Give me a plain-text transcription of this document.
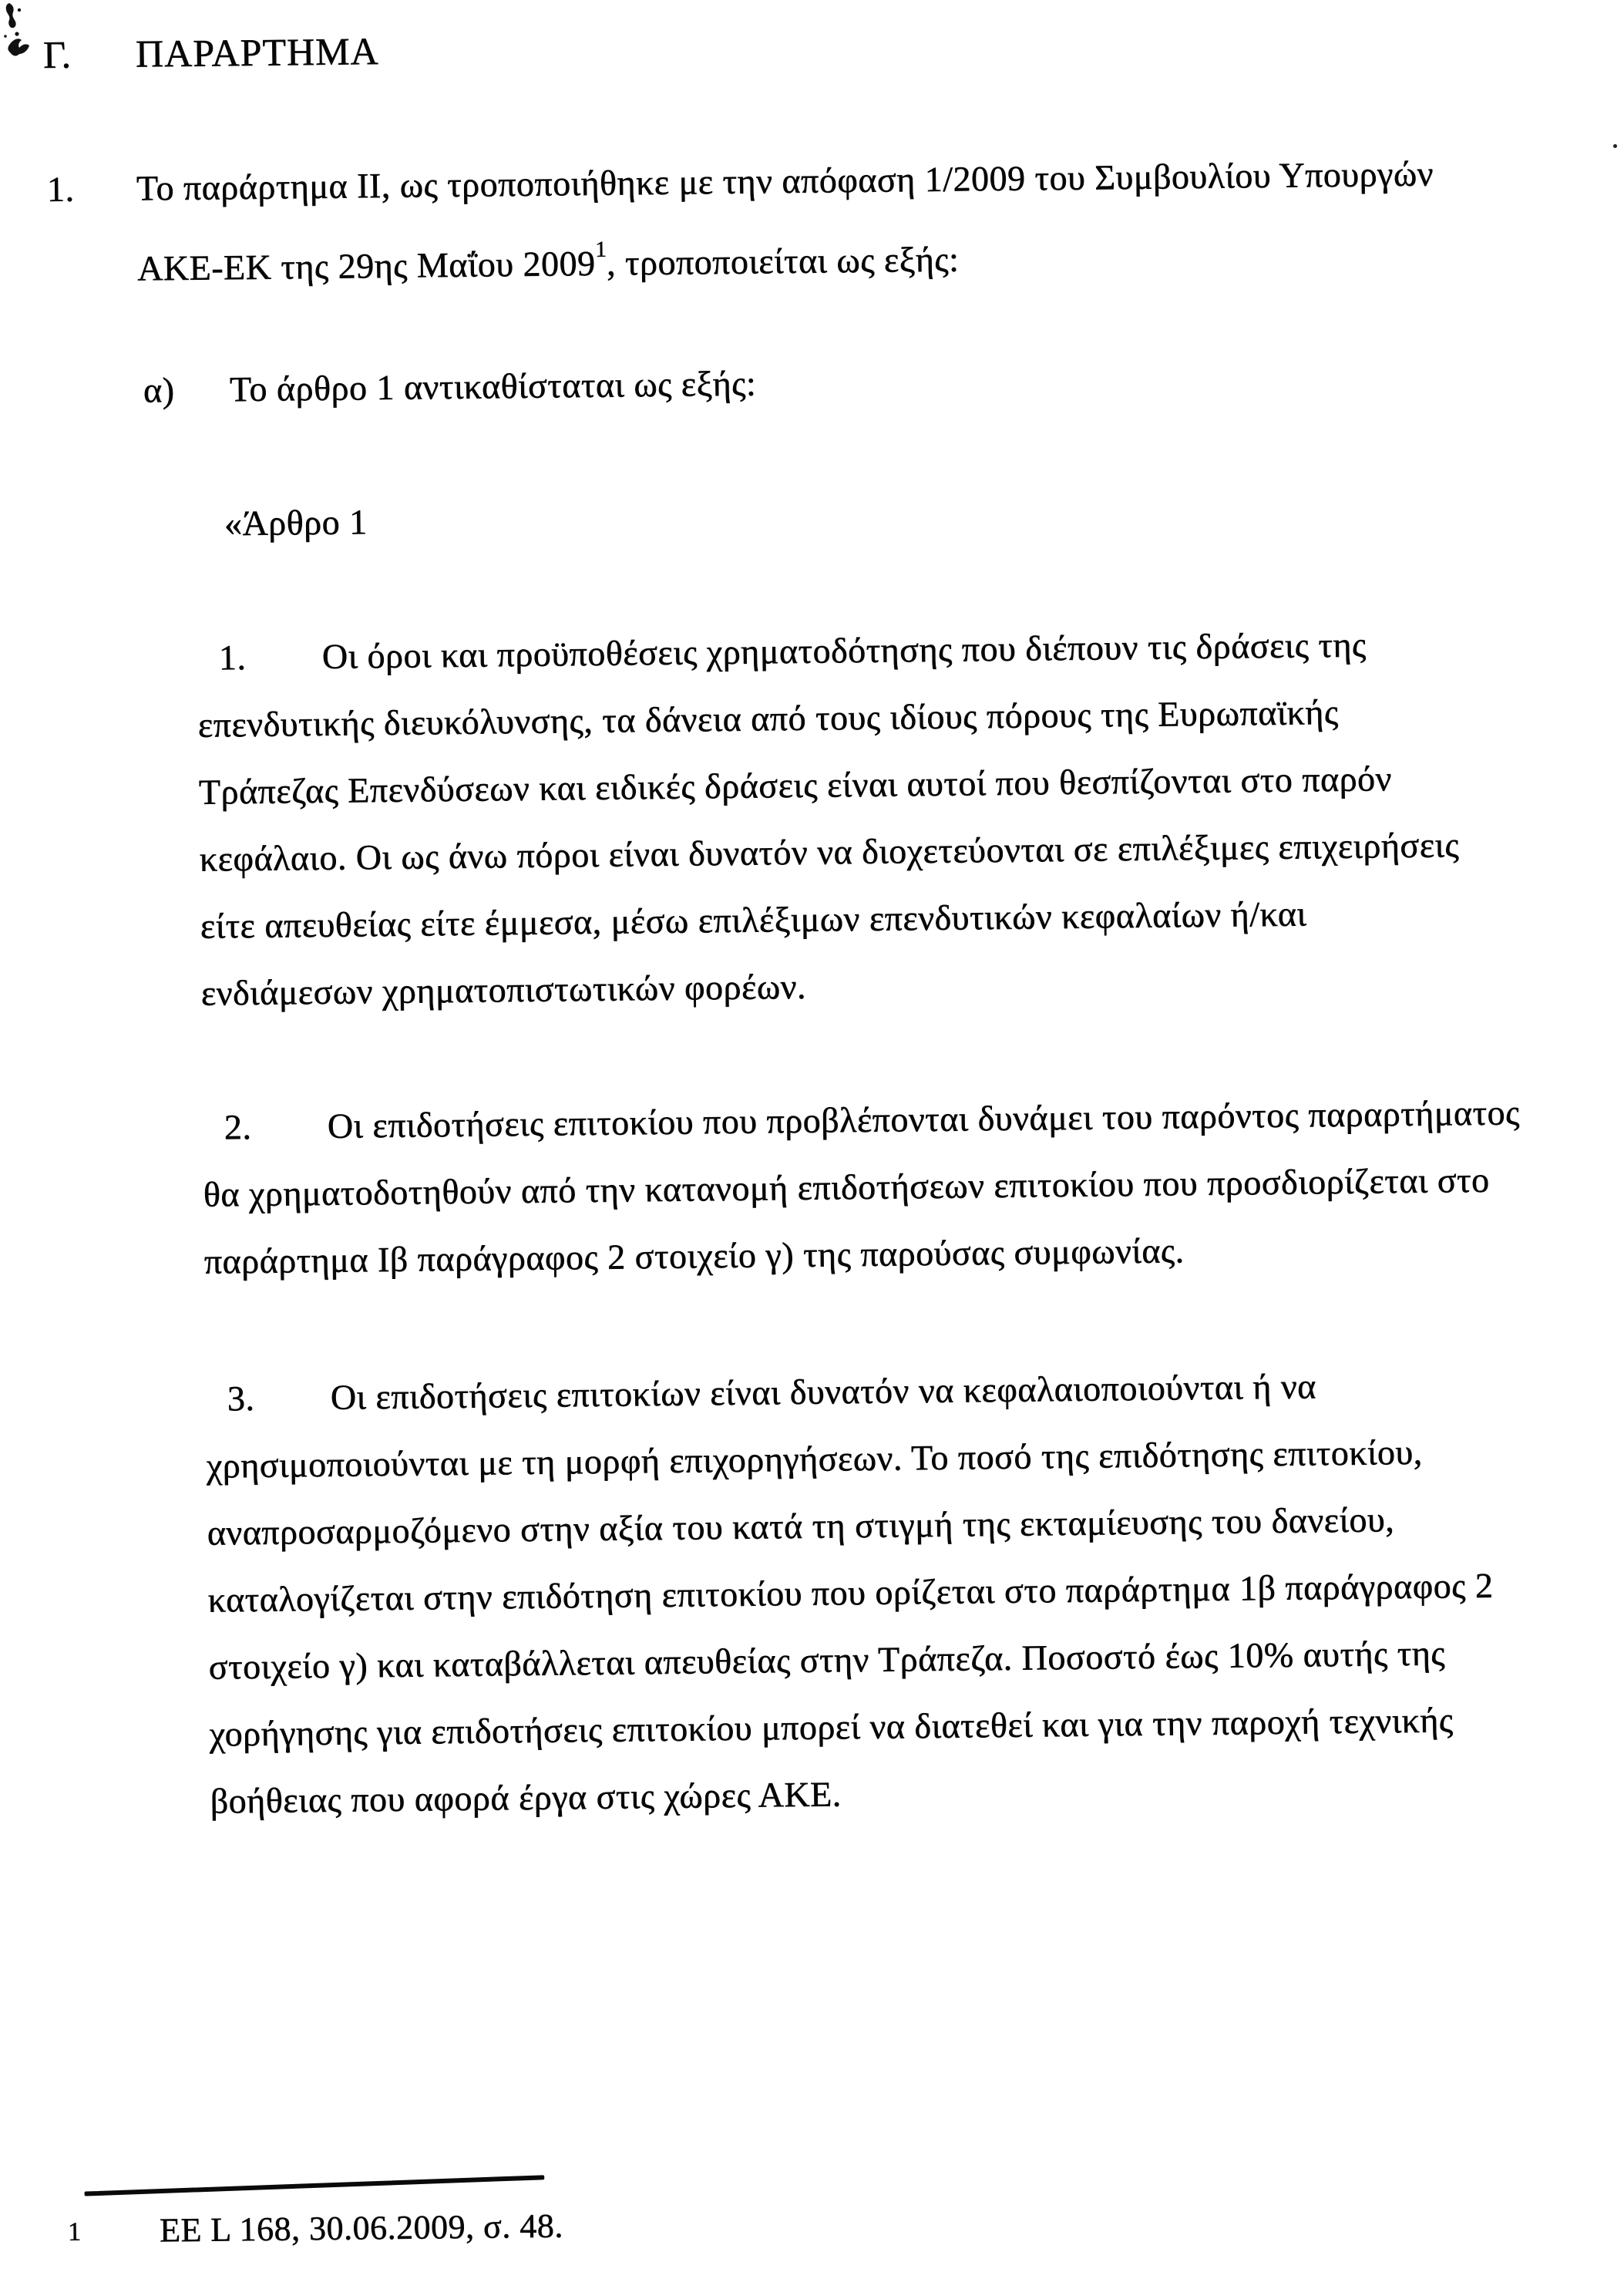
Γ. ΠΑΡΑΡΤΗΜΑ
1. Το παράρτημα ΙΙ, ως τροποποιήθηκε με την απόφαση 1/2009 του Συμβουλίου Υπουργών
ΑΚΕ-ΕΚ της 29ης Μαΐου 2009$^1$, τροποποιείται ως εξής:
α) Το άρθρο 1 αντικαθίσταται ως εξής:
«Άρθρο 1
1. Οι όροι και προϋποθέσεις χρηματοδότησης που διέπουν τις δράσεις της
επενδυτικής διευκόλυνσης, τα δάνεια από τους ιδίους πόρους της Ευρωπαϊκής
Τράπεζας Επενδύσεων και ειδικές δράσεις είναι αυτοί που θεσπίζονται στο παρόν
κεφάλαιο. Οι ως άνω πόροι είναι δυνατόν να διοχετεύονται σε επιλέξιμες επιχειρήσεις
είτε απευθείας είτε έμμεσα, μέσω επιλέξιμων επενδυτικών κεφαλαίων ή/και
ενδιάμεσων χρηματοπιστωτικών φορέων.
2. Οι επιδοτήσεις επιτοκίου που προβλέπονται δυνάμει του παρόντος παραρτήματος
θα χρηματοδοτηθούν από την κατανομή επιδοτήσεων επιτοκίου που προσδιορίζεται στο
παράρτημα Ιβ παράγραφος 2 στοιχείο γ) της παρούσας συμφωνίας.
3. Οι επιδοτήσεις επιτοκίων είναι δυνατόν να κεφαλαιοποιούνται ή να
χρησιμοποιούνται με τη μορφή επιχορηγήσεων. Το ποσό της επιδότησης επιτοκίου,
αναπροσαρμοζόμενο στην αξία του κατά τη στιγμή της εκταμίευσης του δανείου,
καταλογίζεται στην επιδότηση επιτοκίου που ορίζεται στο παράρτημα 1β παράγραφος 2
στοιχείο γ) και καταβάλλεται απευθείας στην Τράπεζα. Ποσοστό έως 10% αυτής της
χορήγησης για επιδοτήσεις επιτοκίου μπορεί να διατεθεί και για την παροχή τεχνικής
βοήθειας που αφορά έργα στις χώρες ΑΚΕ.
1 ΕΕ L 168, 30.06.2009, σ. 48.
